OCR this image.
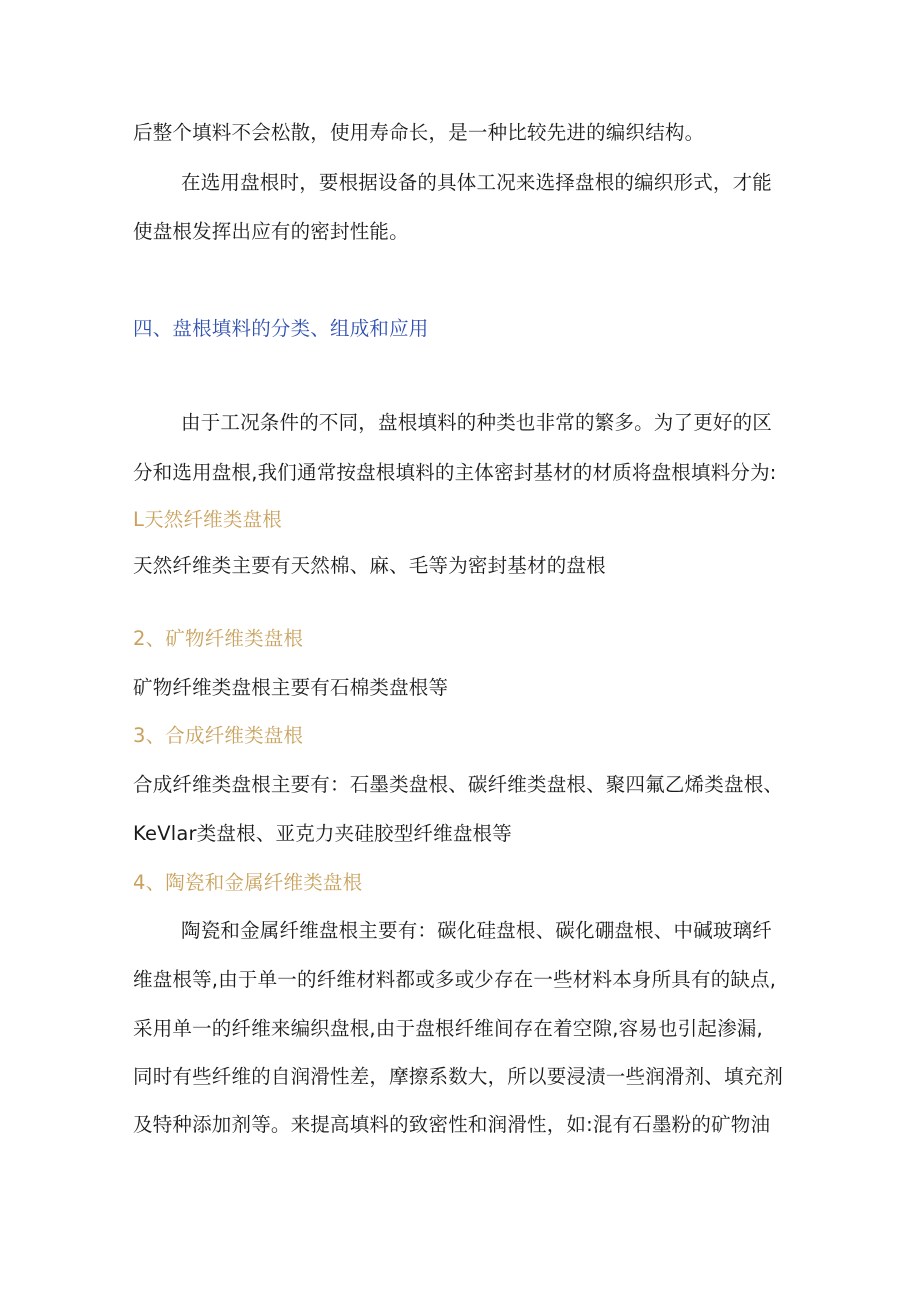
后整个填料不会松散，使用寿命长，是一种比较先进的编织结构。
在选用盘根时，要根据设备的具体工况来选择盘根的编织形式，才能
使盘根发挥出应有的密封性能。
四、盘根填料的分类、组成和应用
由于工况条件的不同，盘根填料的种类也非常的繁多。为了更好的区
分和选用盘根,我们通常按盘根填料的主体密封基材的材质将盘根填料分为:
L天然纤维类盘根
天然纤维类主要有天然棉、麻、毛等为密封基材的盘根
2、矿物纤维类盘根
矿物纤维类盘根主要有石棉类盘根等
3、合成纤维类盘根
合成纤维类盘根主要有：石墨类盘根、碳纤维类盘根、聚四氟乙烯类盘根、
KeVlar类盘根、亚克力夹硅胶型纤维盘根等
4、陶瓷和金属纤维类盘根
陶瓷和金属纤维盘根主要有：碳化硅盘根、碳化硼盘根、中碱玻璃纤
维盘根等,由于单一的纤维材料都或多或少存在一些材料本身所具有的缺点,
采用单一的纤维来编织盘根,由于盘根纤维间存在着空隙,容易也引起渗漏,
同时有些纤维的自润滑性差，摩擦系数大，所以要浸渍一些润滑剂、填充剂
及特种添加剂等。来提高填料的致密性和润滑性，如:混有石墨粉的矿物油
